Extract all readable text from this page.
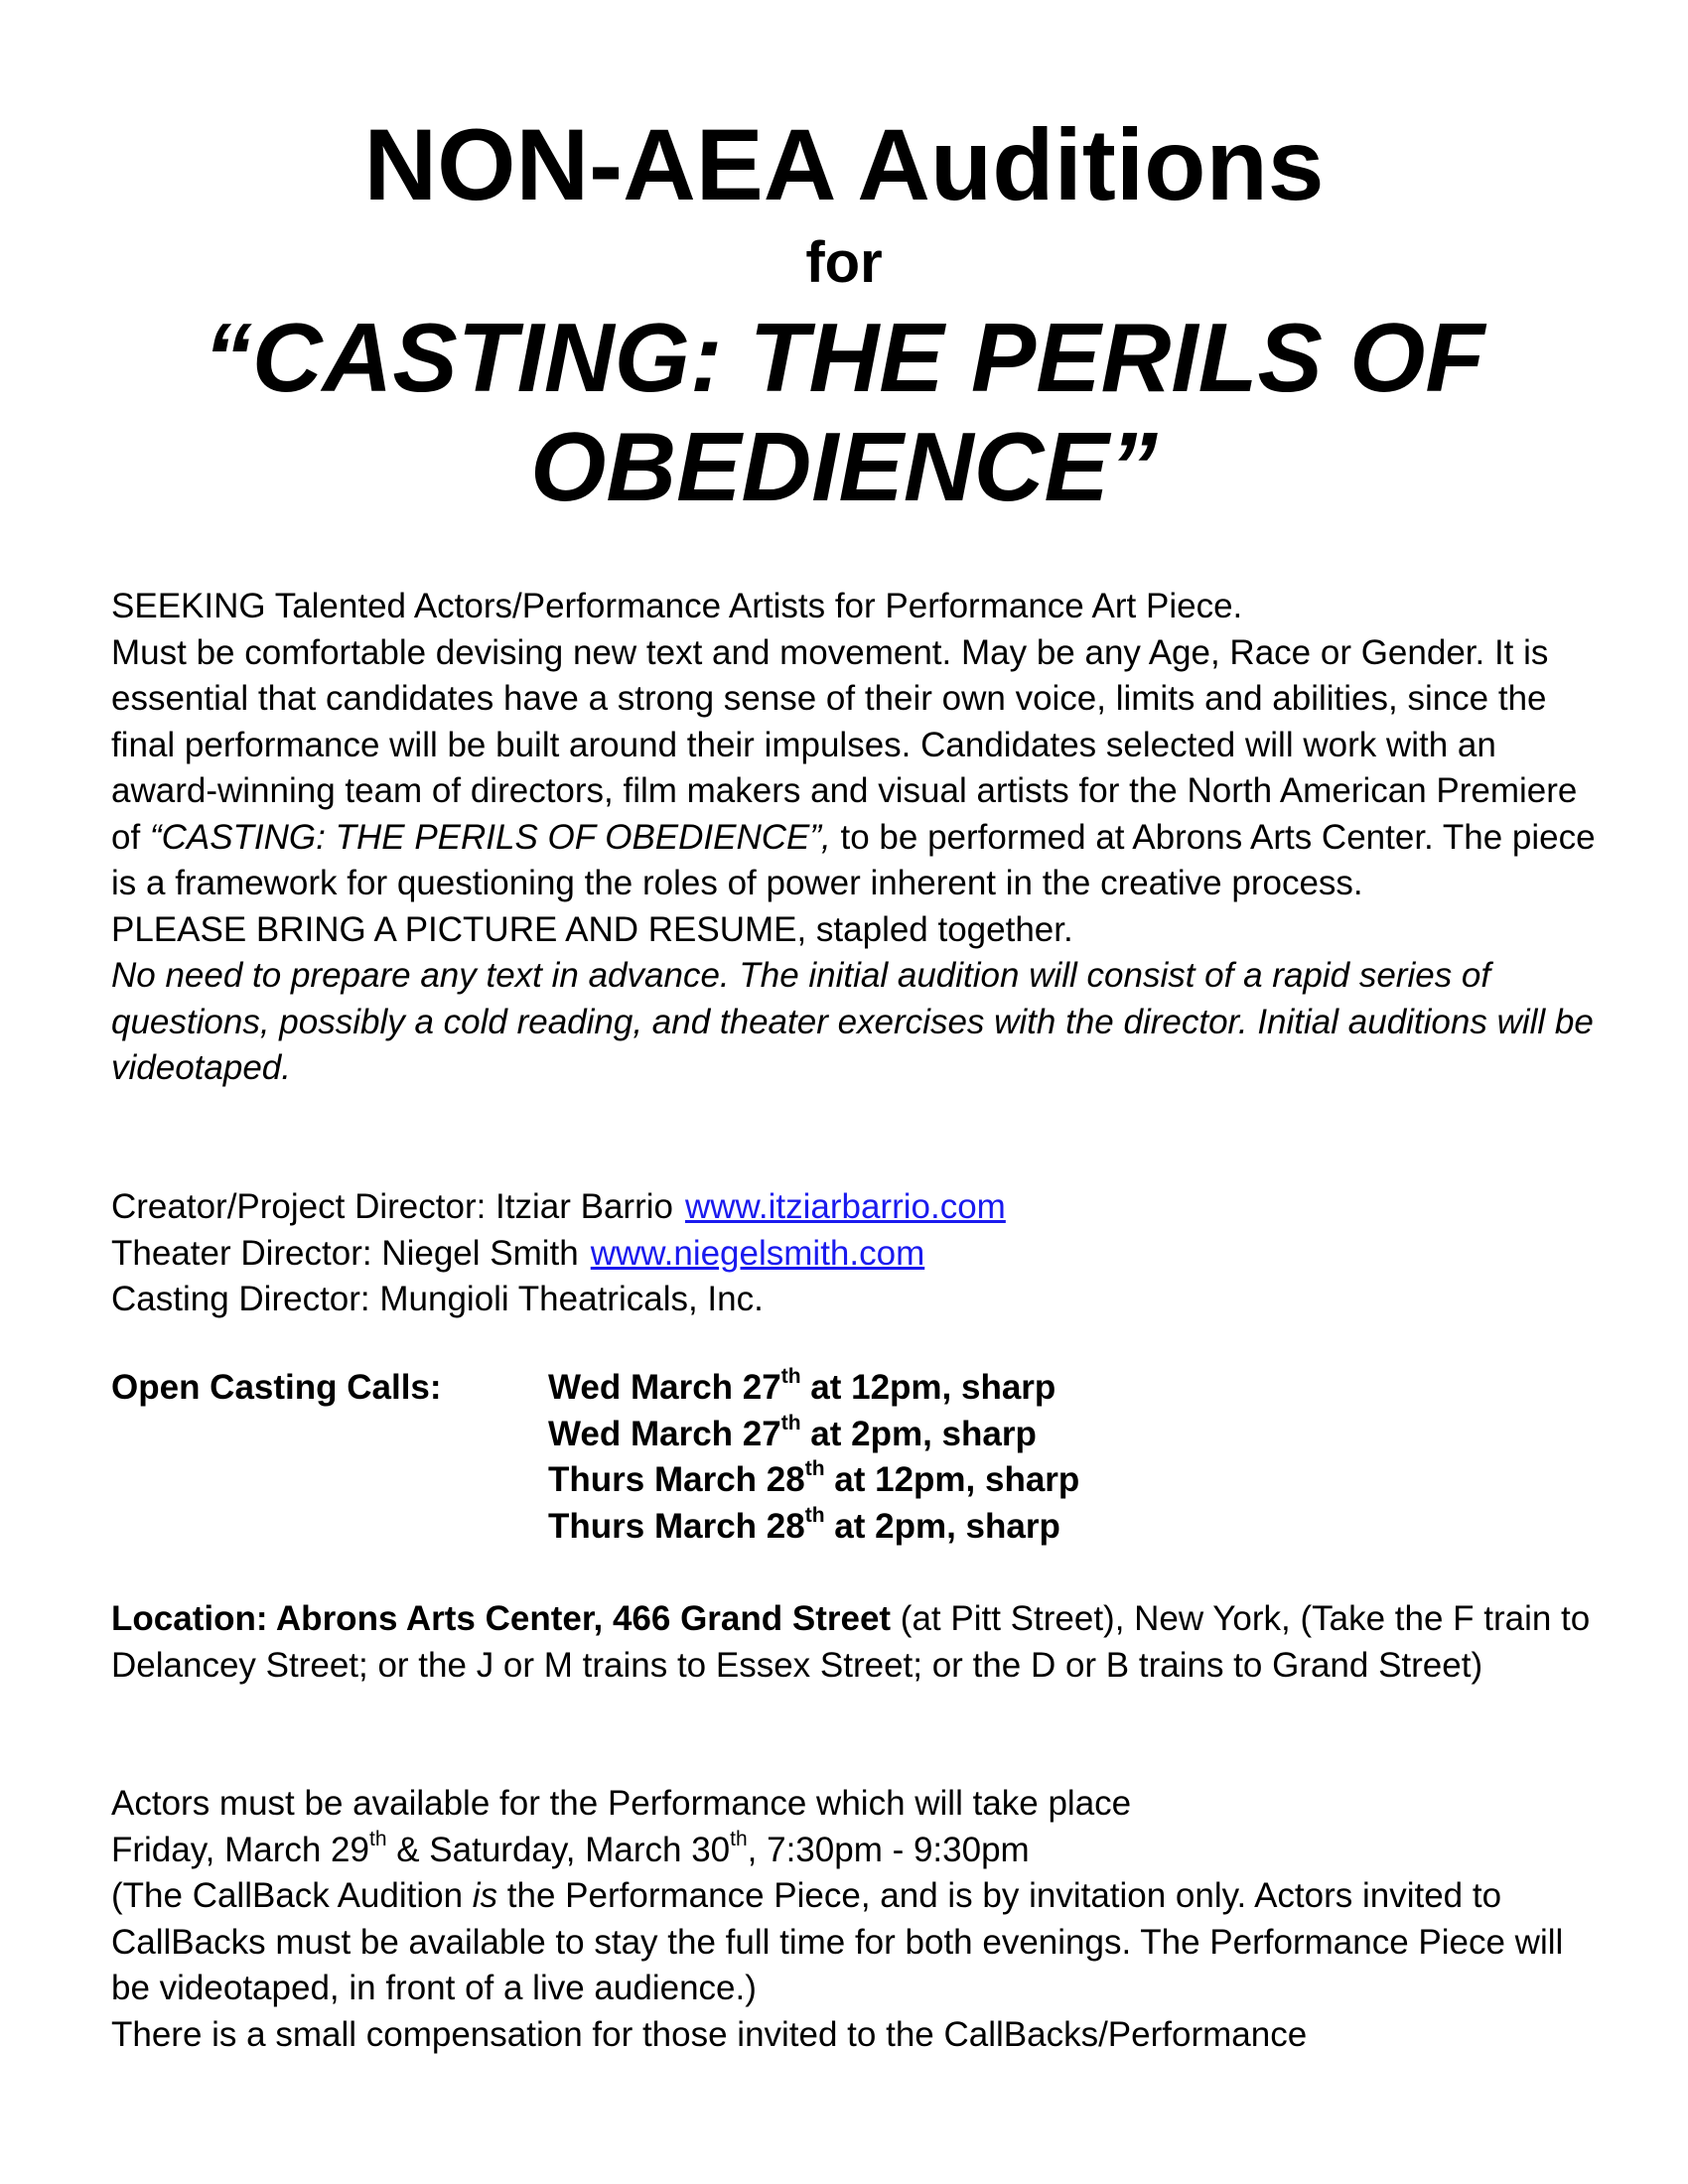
NON-AEA Auditions
for
“CASTING: THE PERILS OF
OBEDIENCE”

SEEKING Talented Actors/Performance Artists for Performance Art Piece.

Must be comfortable devising new text and movement. May be any Age, Race or Gender. It is essential that candidates have a strong sense of their own voice, limits and abilities, since the final performance will be built around their impulses. Candidates selected will work with an award-winning team of directors, film makers and visual artists for the North American Premiere of “CASTING: THE PERILS OF OBEDIENCE”, to be performed at Abrons Arts Center. The piece is a framework for questioning the roles of power inherent in the creative process.

PLEASE BRING A PICTURE AND RESUME, stapled together.

No need to prepare any text in advance. The initial audition will consist of a rapid series of questions, possibly a cold reading, and theater exercises with the director. Initial auditions will be videotaped.

Creator/Project Director: Itziar Barrio www.itziarbarrio.com

Theater Director: Niegel Smith www.niegelsmith.com

Casting Director: Mungioli Theatricals, Inc.

Open Casting Calls:	Wed March 27th at 12pm, sharp
Wed March 27th at 2pm, sharp
Thurs March 28th at 12pm, sharp
Thurs March 28th at 2pm, sharp

Location: Abrons Arts Center, 466 Grand Street (at Pitt Street), New York, (Take the F train to Delancey Street; or the J or M trains to Essex Street; or the D or B trains to Grand Street)

Actors must be available for the Performance which will take place

Friday, March 29th & Saturday, March 30th, 7:30pm - 9:30pm

(The CallBack Audition is the Performance Piece, and is by invitation only. Actors invited to CallBacks must be available to stay the full time for both evenings. The Performance Piece will be videotaped, in front of a live audience.)

There is a small compensation for those invited to the CallBacks/Performance
